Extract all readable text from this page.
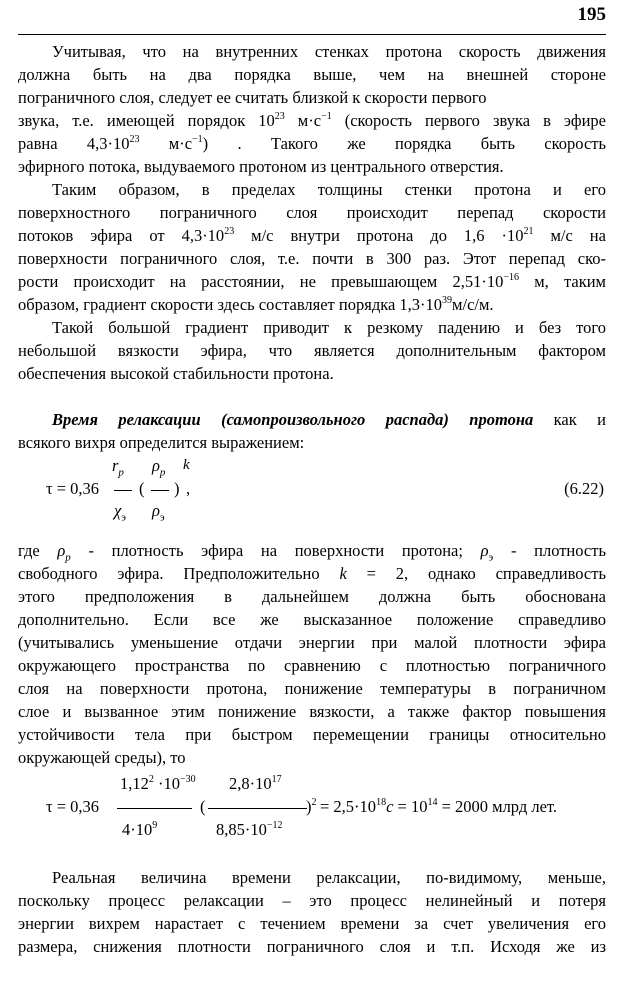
195
Учитывая, что на внутренних стенках протона скорость движения
должна быть на два порядка выше, чем на внешней стороне
пограничного слоя, следует ее считать близкой к скорости первого
звука, т.е. имеющей порядок $10^{23}$ $м\cdot с^{-1}$ (скорость первого звука в эфире
равна $4,3\cdot 10^{23}$ $м\cdot с^{-1}$) . Такого же порядка быть скорость
эфирного потока, выдуваемого протоном из центрального отверстия.
Таким образом, в пределах толщины стенки протона и его
поверхностного пограничного слоя происходит перепад скорости
потоков эфира от $4,3\cdot 10^{23}$ м/с внутри протона до $1,6 \cdot 10^{21}$ м/с на
поверхности пограничного слоя, т.е. почти в 300 раз. Этот перепад ско-
рости происходит на расстоянии, не превышающем $2,51\cdot 10^{-16}$ м, таким
образом, градиент скорости здесь составляет порядка $1,3\cdot 10^{39}м/с/м$.
Такой большой градиент приводит к резкому падению и без того
небольшой вязкости эфира, что является дополнительным фактором
обеспечения высокой стабильности протона.
Время релаксации (самопроизвольного распада) протона как и
всякого вихря определится выражением:
$r_p$ $\rho_p$ k
τ = 0,36 ( ) ,
$\chi_э$ $\rho_э$
(6.22)
где $\rho_р$ - плотность эфира на поверхности протона; $\rho_э$ - плотность
свободного эфира. Предположительно k = 2, однако справедливость
этого предположения в дальнейшем должна быть обоснована
дополнительно. Если все же высказанное положение справедливо
(учитывались уменьшение отдачи энергии при малой плотности эфира
окружающего пространства по сравнению с плотностью пограничного
слоя на поверхности протона, понижение температуры в пограничном
слое и вызванное этим понижение вязкости, а также фактор повышения
устойчивости тела при быстром перемещении границы относительно
окружающей среды), то
$1,12^2 \cdot 10^{-30}$ $2,8\cdot 10^{17}$
τ = 0,36	(	)$^2 = 2,5\cdot 10^{18}c = 10^{14} = 2000$ млрд лет.
$4\cdot 10^9$	$8,85\cdot 10^{-12}$
Реальная величина времени релаксации, по-видимому, меньше,
поскольку процесс релаксации – это процесс нелинейный и потеря
энергии вихрем нарастает с течением времени за счет увеличения его
размера, снижения плотности пограничного слоя и т.п. Исходя же из
